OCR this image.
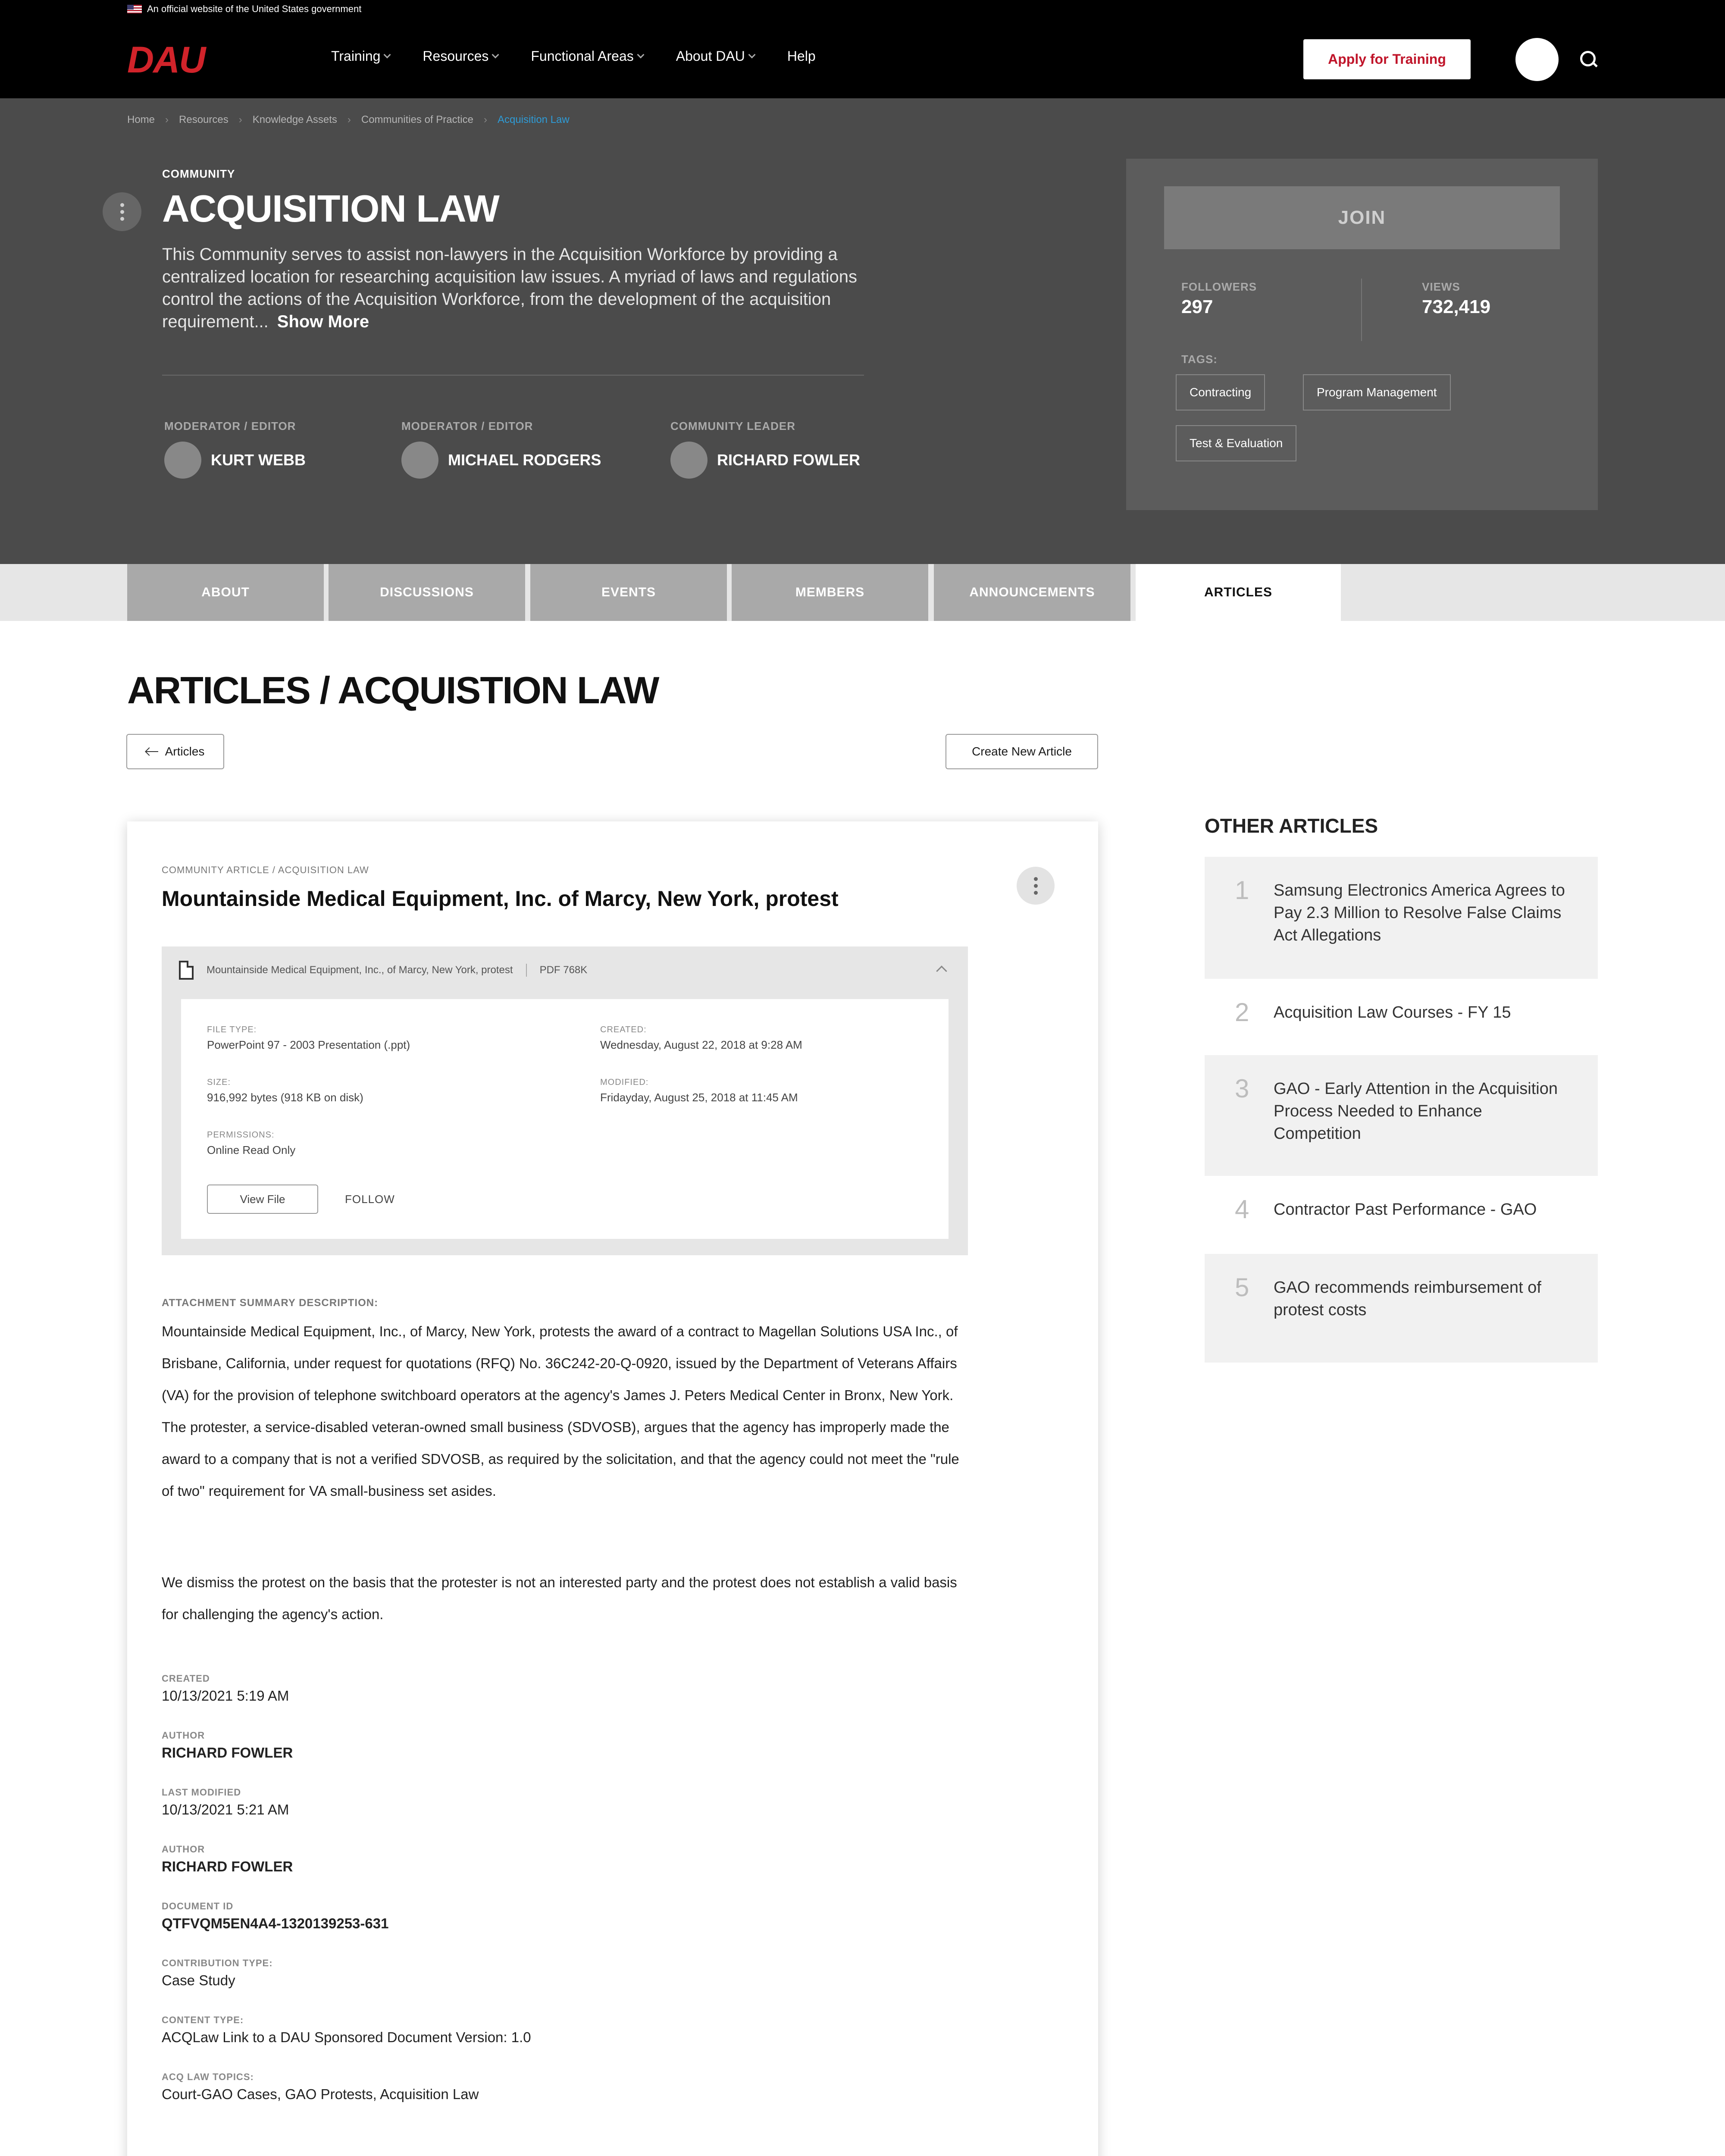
An official website of the United States government
DAU	Training	Resources	Functional Areas	About DAU	Help	Apply for Training
Home › Resources › Knowledge Assets › Communities of Practice › Acquisition Law
COMMUNITY
ACQUISITION LAW
This Community serves to assist non-lawyers in the Acquisition Workforce by providing a centralized location for researching acquisition law issues. A myriad of laws and regulations control the actions of the Acquisition Workforce, from the development of the acquisition requirement... Show More
MODERATOR / EDITOR
KURT WEBB
MODERATOR / EDITOR
MICHAEL RODGERS
COMMUNITY LEADER
RICHARD FOWLER
JOIN
FOLLOWERS
297
VIEWS
732,419
TAGS:
Contracting	Program Management
Test & Evaluation
ABOUT	DISCUSSIONS	EVENTS	MEMBERS	ANNOUNCEMENTS	ARTICLES
ARTICLES / ACQUISTION LAW
Articles	Create New Article
COMMUNITY ARTICLE / ACQUISITION LAW
Mountainside Medical Equipment, Inc. of Marcy, New York, protest
Mountainside Medical Equipment, Inc., of Marcy, New York, protest	PDF 768K
FILE TYPE:
PowerPoint 97 - 2003 Presentation (.ppt)
CREATED:
Wednesday, August 22, 2018 at 9:28 AM
SIZE:
916,992 bytes (918 KB on disk)
MODIFIED:
Fridayday, August 25, 2018 at 11:45 AM
PERMISSIONS:
Online Read Only
View File	FOLLOW
ATTACHMENT SUMMARY DESCRIPTION:
Mountainside Medical Equipment, Inc., of Marcy, New York, protests the award of a contract to Magellan Solutions USA Inc., of Brisbane, California, under request for quotations (RFQ) No. 36C242-20-Q-0920, issued by the Department of Veterans Affairs (VA) for the provision of telephone switchboard operators at the agency's James J. Peters Medical Center in Bronx, New York. The protester, a service-disabled veteran-owned small business (SDVOSB), argues that the agency has improperly made the award to a company that is not a verified SDVOSB, as required by the solicitation, and that the agency could not meet the "rule of two" requirement for VA small-business set asides.
We dismiss the protest on the basis that the protester is not an interested party and the protest does not establish a valid basis for challenging the agency's action.
CREATED
10/13/2021 5:19 AM
AUTHOR
RICHARD FOWLER
LAST MODIFIED
10/13/2021 5:21 AM
AUTHOR
RICHARD FOWLER
DOCUMENT ID
QTFVQM5EN4A4-1320139253-631
CONTRIBUTION TYPE:
Case Study
CONTENT TYPE:
ACQLaw Link to a DAU Sponsored Document Version: 1.0
ACQ LAW TOPICS:
Court-GAO Cases, GAO Protests, Acquisition Law
OTHER ARTICLES
1 Samsung Electronics America Agrees to Pay 2.3 Million to Resolve False Claims Act Allegations
2 Acquisition Law Courses - FY 15
3 GAO - Early Attention in the Acquisition Process Needed to Enhance Competition
4 Contractor Past Performance - GAO
5 GAO recommends reimbursement of protest costs
